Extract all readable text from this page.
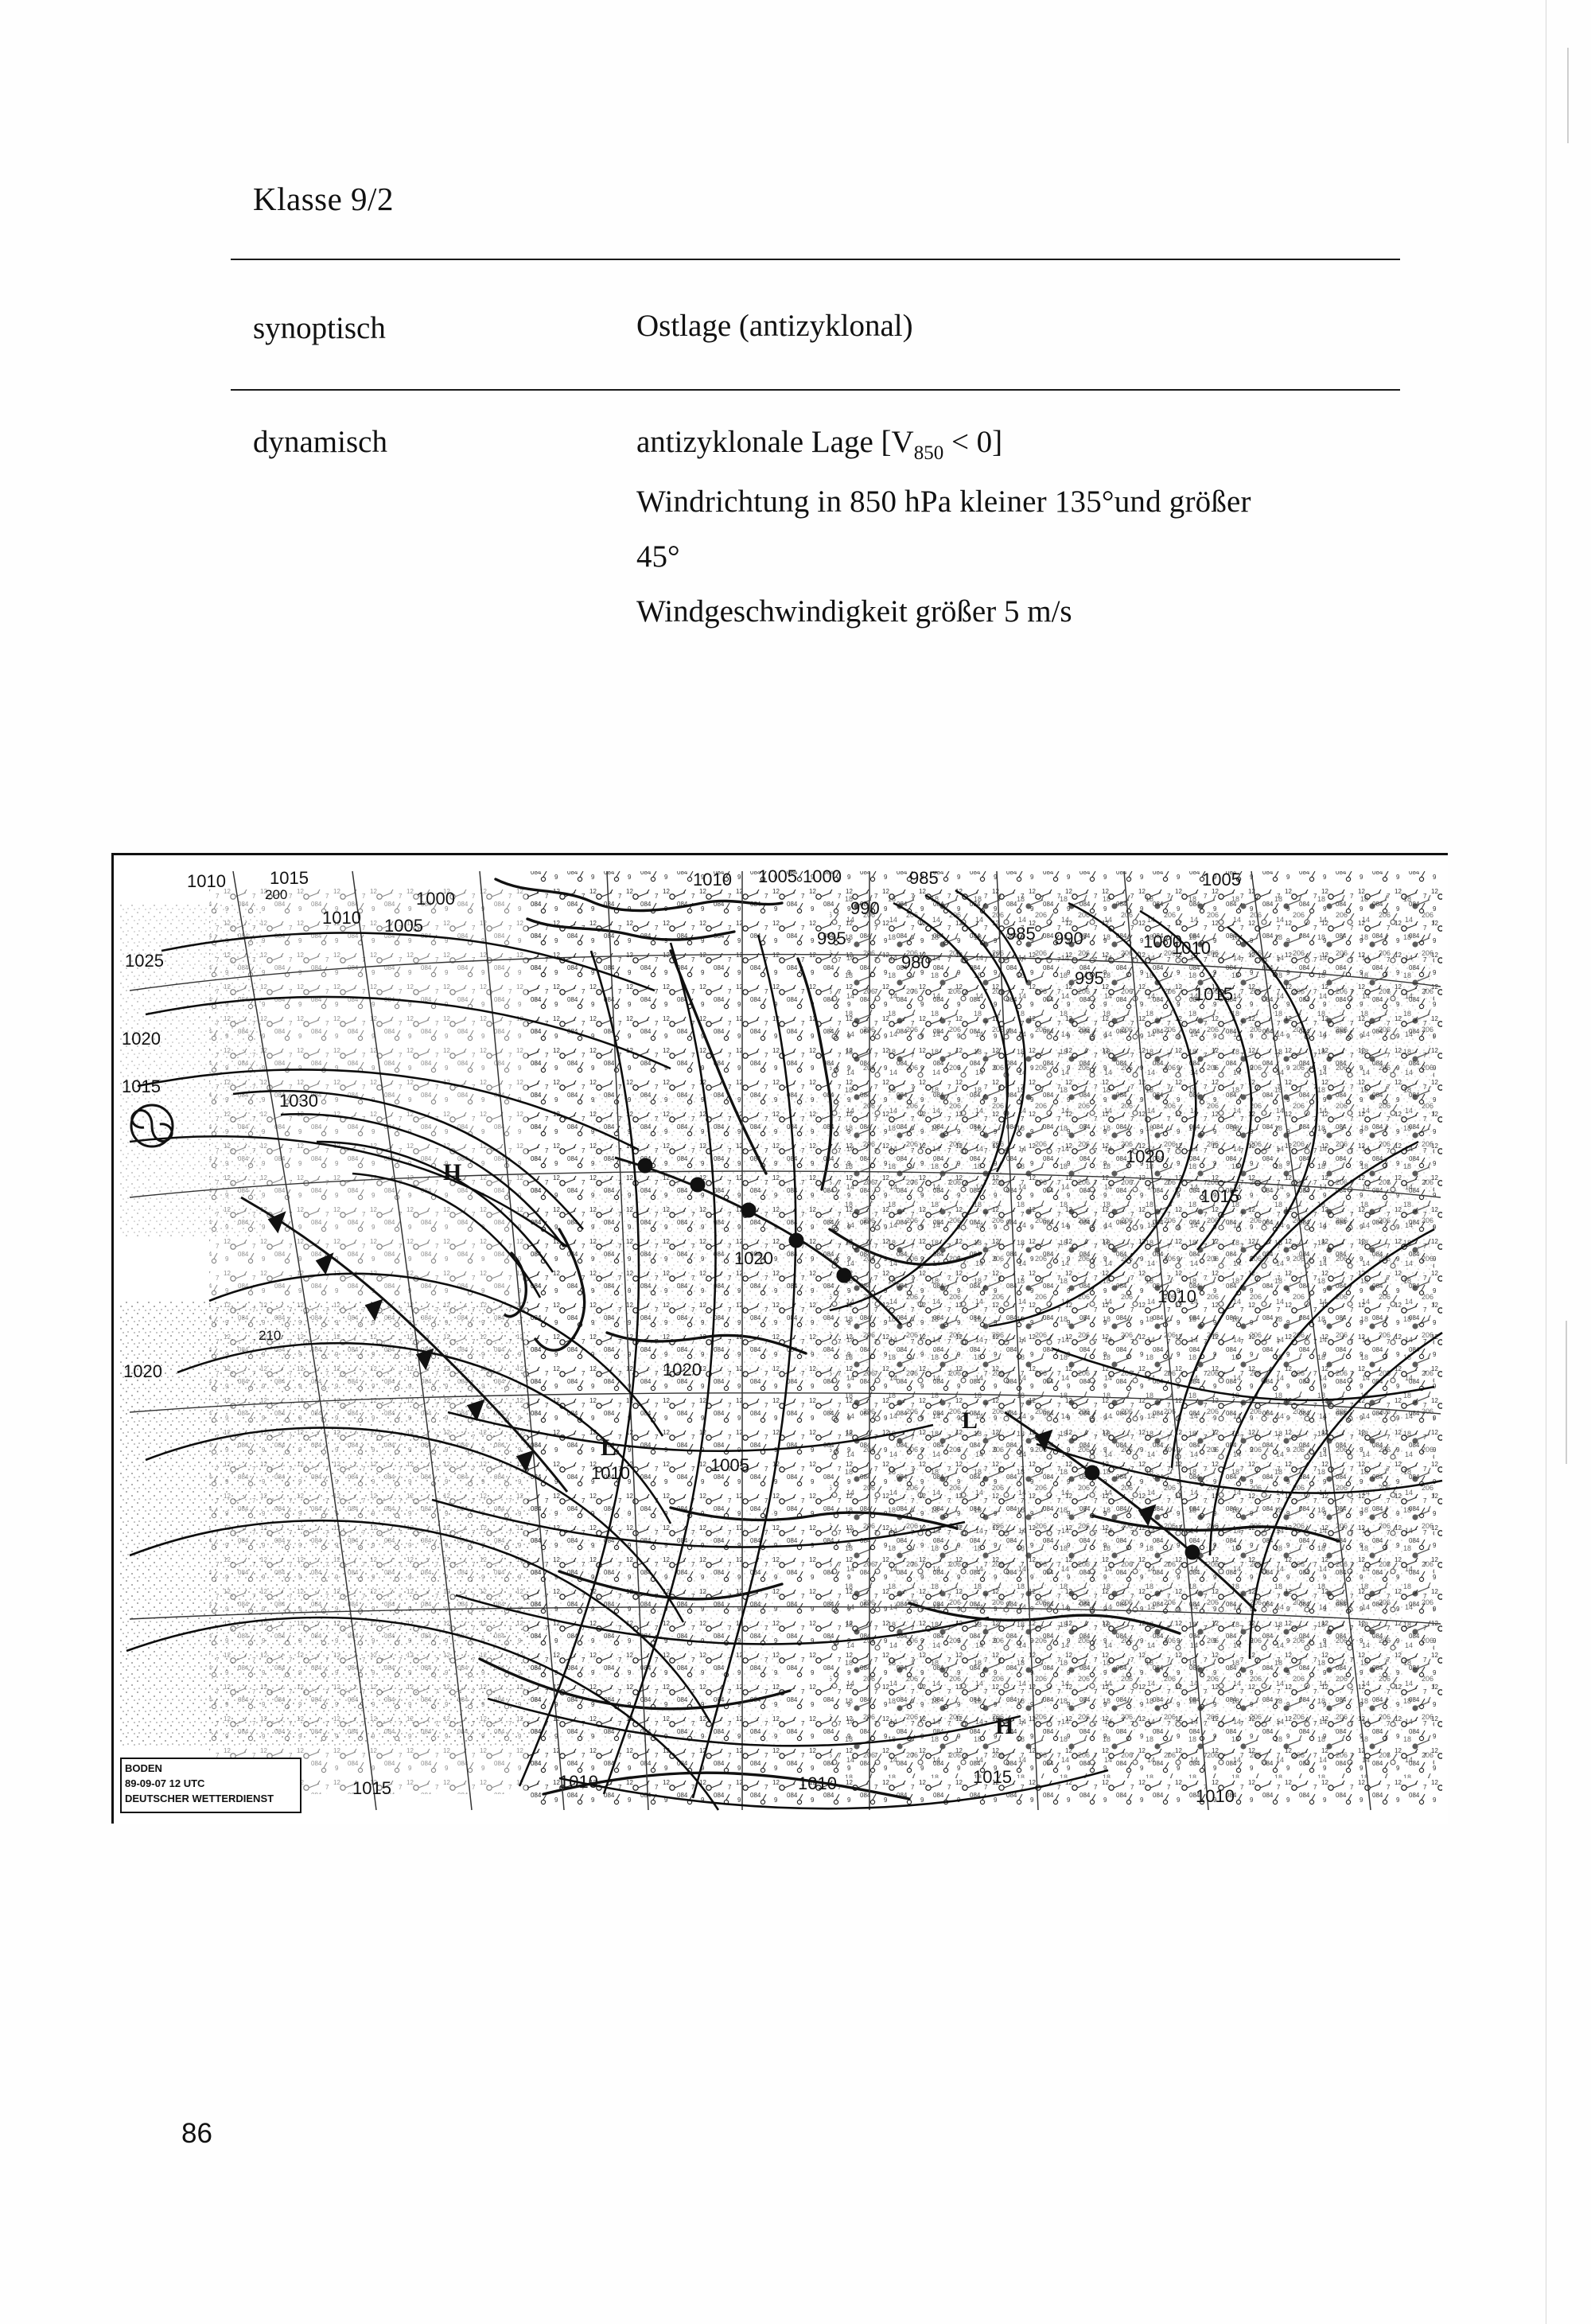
Klasse 9/2
synoptisch	Ostlage (antizyklonal)
dynamisch	antizyklonale Lage $[V_{850} < 0]$
Windrichtung in 850 hPa kleiner 135°und größer
45°
Windgeschwindigkeit größer 5 m/s
1025
1020
1015
1030
1020
1015
1010	1015
1010
1000
1005
1010 1005 1000	985
990
995
980
985 990
995
1000
1005
1010
1015
1020
1015
1010
1020
1020
1005
1010
1010	1010	1015
1010
200
210
H
L
L
H
BODEN
89-09-07 12 UTC
DEUTSCHER WETTERDIENST
86
